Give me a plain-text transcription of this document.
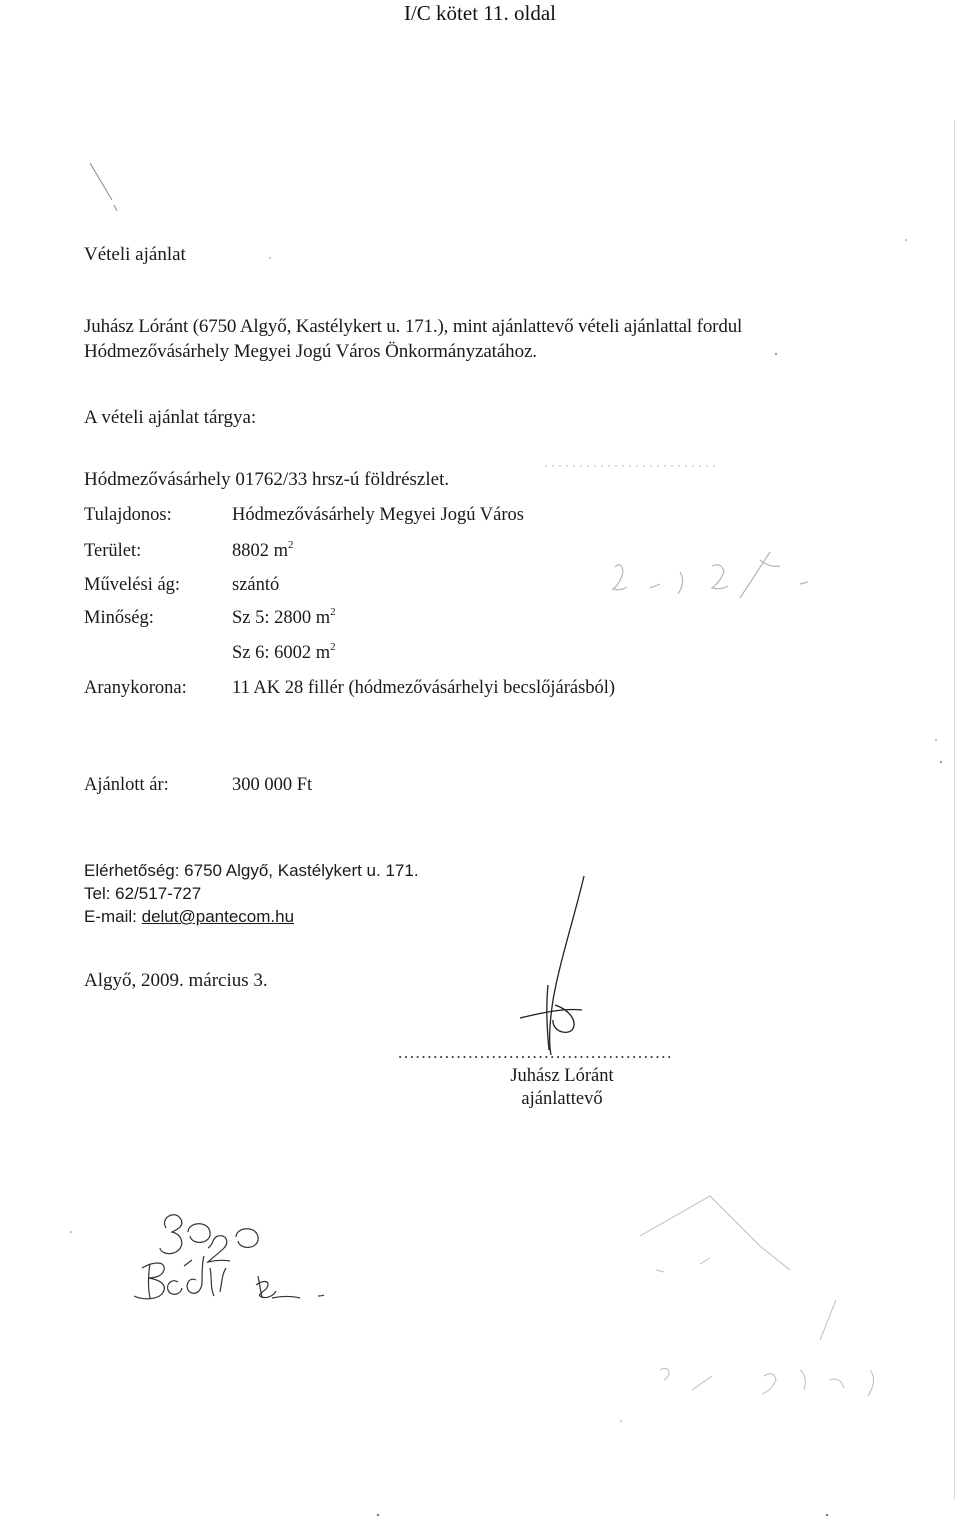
I/C kötet 11. oldal
Vételi ajánlat
Juhász Lóránt (6750 Algyő, Kastélykert u. 171.), mint ajánlattevő vételi ajánlattal fordul
Hódmezővásárhely Megyei Jogú Város Önkormányzatához.
A vételi ajánlat tárgya:
Hódmezővásárhely 01762/33 hrsz-ú földrészlet.
Tulajdonos:	Hódmezővásárhely Megyei Jogú Város
Terület:	8802 $m^2$
Művelési ág:	szántó
Minőség:	Sz 5: 2800 $m^2$
Sz 6: 6002 $m^2$
Aranykorona: 11 AK 28 fillér (hódmezővásárhelyi becslőjárásból)
Ajánlott ár:	300 000 Ft
Elérhetőség: 6750 Algyő, Kastélykert u. 171.
Tel: 62/517-727
E-mail: delut@pantecom.hu
Algyő, 2009. március 3.
...............................................
Juhász Lóránt
ajánlattevő
